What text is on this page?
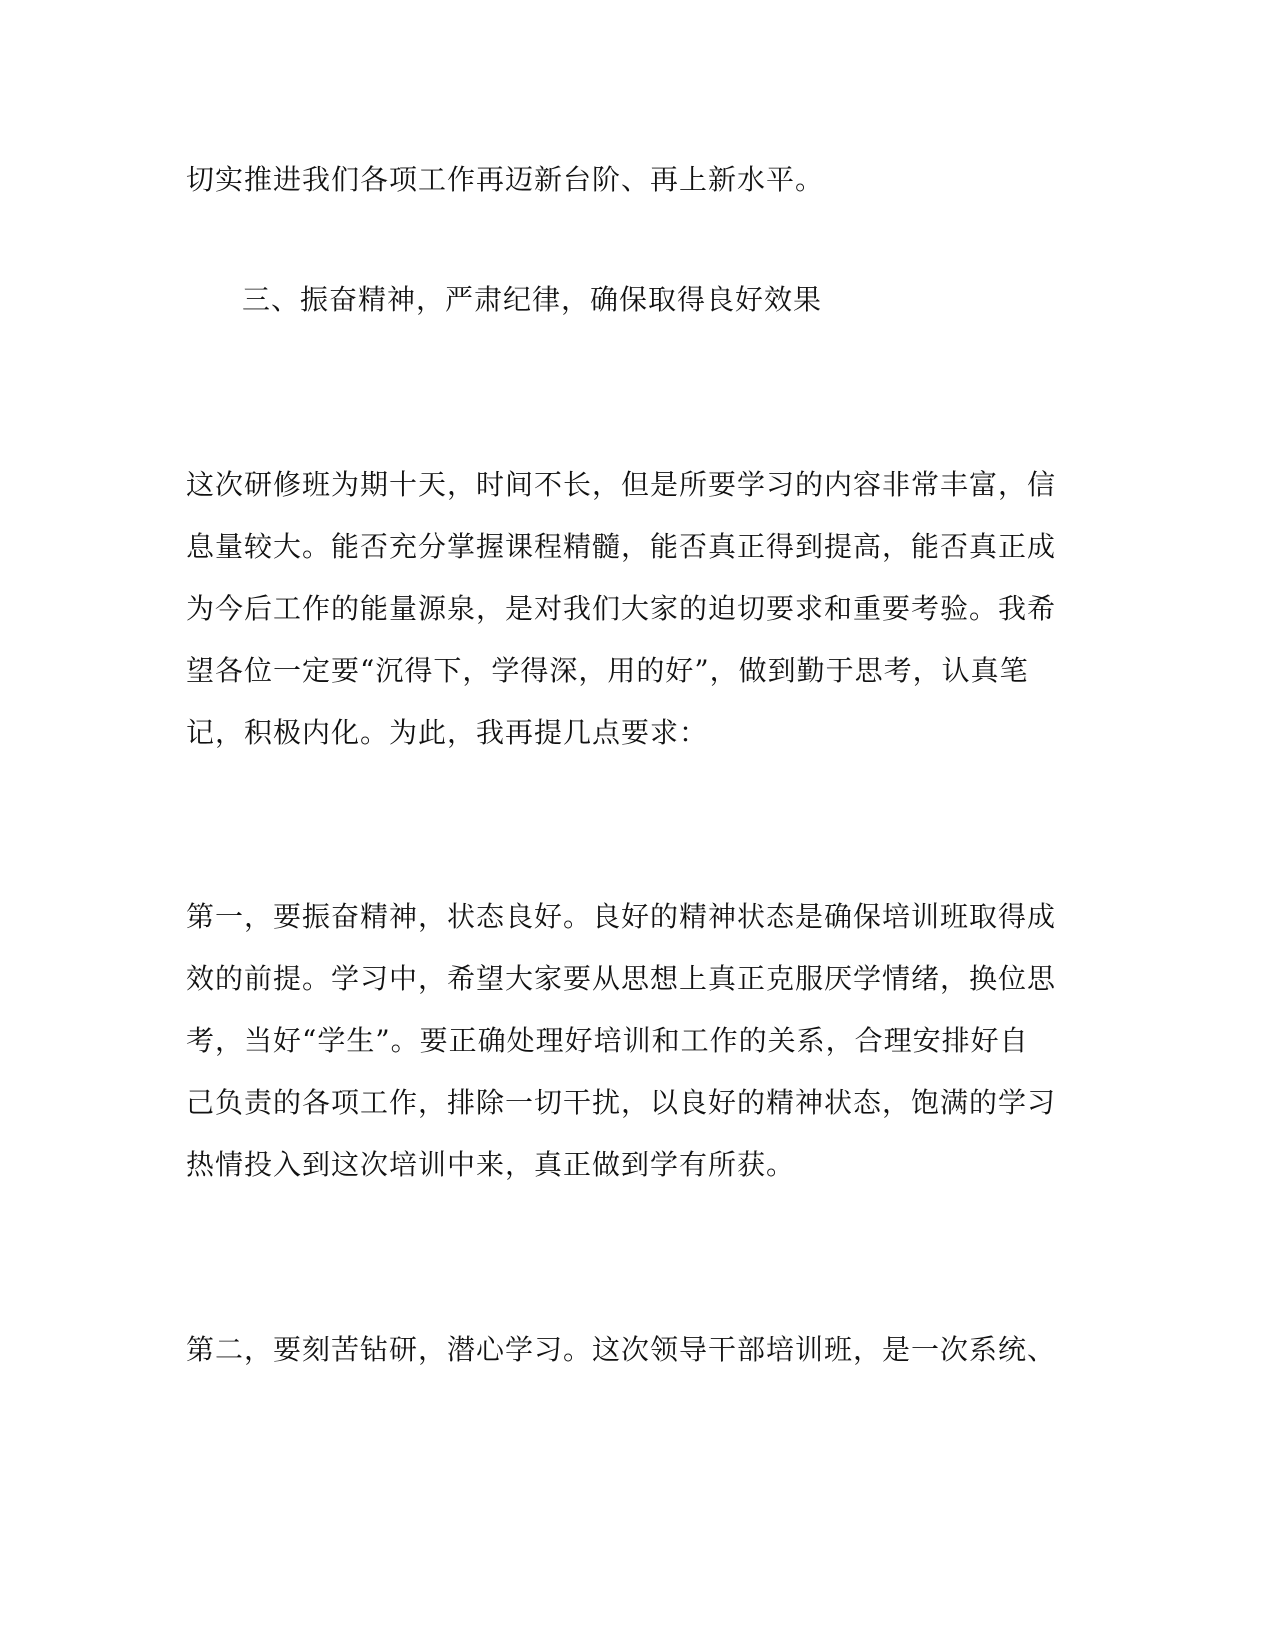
切实推进我们各项工作再迈新台阶、再上新水平。
三、振奋精神，严肃纪律，确保取得良好效果
这次研修班为期十天，时间不长，但是所要学习的内容非常丰富，信
息量较大。能否充分掌握课程精髓，能否真正得到提高，能否真正成
为今后工作的能量源泉，是对我们大家的迫切要求和重要考验。我希
望各位一定要“沉得下，学得深，用的好”，做到勤于思考，认真笔
记，积极内化。为此，我再提几点要求：
第一，要振奋精神，状态良好。良好的精神状态是确保培训班取得成
效的前提。学习中，希望大家要从思想上真正克服厌学情绪，换位思
考，当好“学生”。要正确处理好培训和工作的关系，合理安排好自
己负责的各项工作，排除一切干扰，以良好的精神状态，饱满的学习
热情投入到这次培训中来，真正做到学有所获。
第二，要刻苦钻研，潜心学习。这次领导干部培训班，是一次系统、
